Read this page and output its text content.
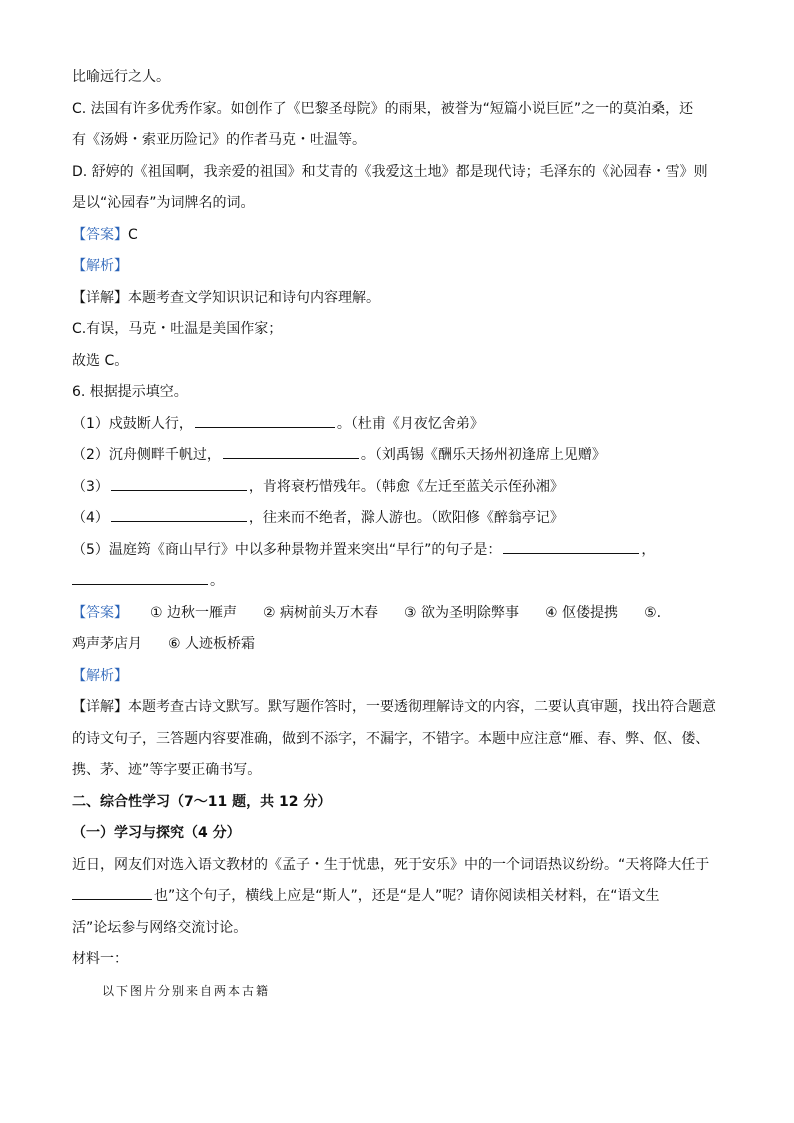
比喻远行之人。
C. 法国有许多优秀作家。如创作了《巴黎圣母院》的雨果，被誉为“短篇小说巨匠”之一的莫泊桑，还
有《汤姆・索亚历险记》的作者马克・吐温等。
D. 舒婷的《祖国啊，我亲爱的祖国》和艾青的《我爱这土地》都是现代诗；毛泽东的《沁园春・雪》则
是以“沁园春”为词牌名的词。
【答案】C
【解析】
【详解】本题考查文学知识识记和诗句内容理解。
C.有误，马克・吐温是美国作家；
故选 C。
6. 根据提示填空。
（1）戍鼓断人行，	。（杜甫《月夜忆舍弟》
（2）沉舟侧畔千帆过，	。（刘禹锡《酬乐天扬州初逢席上见赠》
（3）	，肯将衰朽惜残年。（韩愈《左迁至蓝关示侄孙湘》
（4）	，往来而不绝者，滁人游也。（欧阳修《醉翁亭记》
（5）温庭筠《商山早行》中以多种景物并置来突出“早行”的句子是：	，
。
【答案】 ① 边秋一雁声 ② 病树前头万木春 ③ 欲为圣明除弊事 ④ 伛偻提携 ⑤.
鸡声茅店月 ⑥ 人迹板桥霜
【解析】
【详解】本题考查古诗文默写。默写题作答时，一要透彻理解诗文的内容，二要认真审题，找出符合题意
的诗文句子，三答题内容要准确，做到不添字，不漏字，不错字。本题中应注意“雁、春、弊、伛、偻、
携、茅、迹”等字要正确书写。
二、综合性学习（7～11 题，共 12 分）
（一）学习与探究（4 分）
近日，网友们对选入语文教材的《孟子・生于忧患，死于安乐》中的一个词语热议纷纷。“天将降大任于
也”这个句子，横线上应是“斯人”，还是“是人”呢？请你阅读相关材料，在“语文生
活”论坛参与网络交流讨论。
材料一：
以下图片分别来自两本古籍
